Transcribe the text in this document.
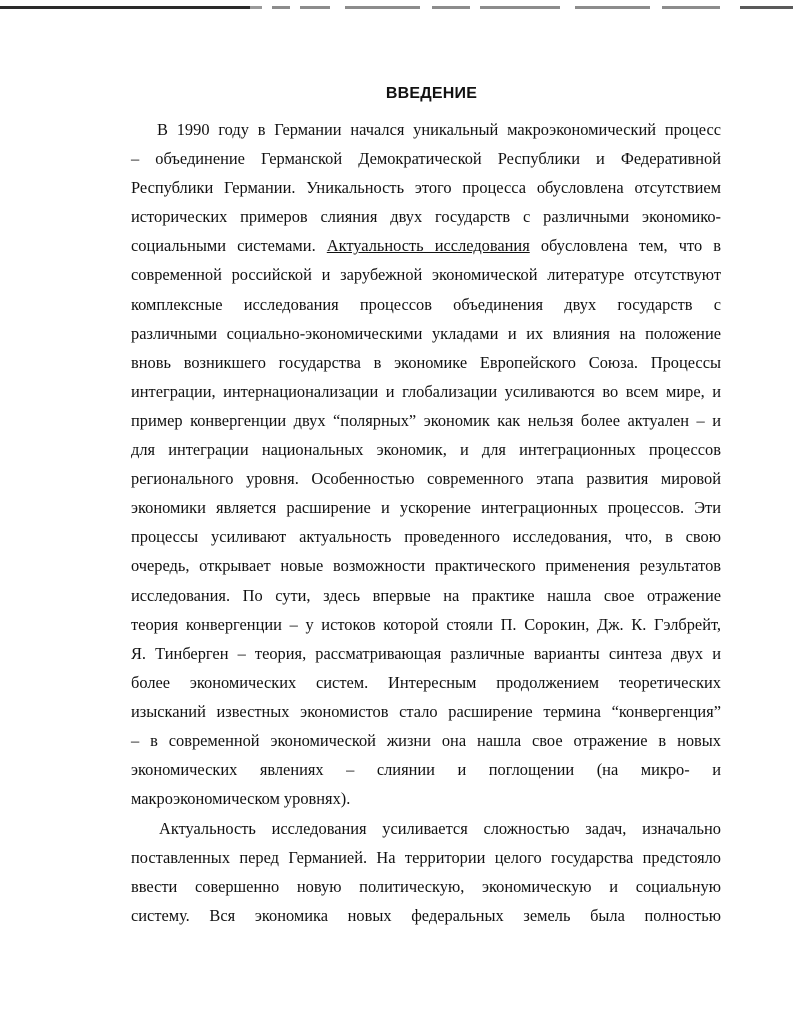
ВВЕДЕНИЕ
В 1990 году в Германии начался уникальный макроэкономический процесс
– объединение Германской Демократической Республики и Федеративной
Республики Германии. Уникальность этого процесса обусловлена отсутствием
исторических примеров слияния двух государств с различными экономико-
социальными системами. Актуальность исследования обусловлена тем, что в
современной российской и зарубежной экономической литературе отсутствуют
комплексные исследования процессов объединения двух государств с
различными социально-экономическими укладами и их влияния на положение
вновь возникшего государства в экономике Европейского Союза. Процессы
интеграции, интернационализации и глобализации усиливаются во всем мире, и
пример конвергенции двух “полярных” экономик как нельзя более актуален – и
для интеграции национальных экономик, и для интеграционных процессов
регионального уровня. Особенностью современного этапа развития мировой
экономики является расширение и ускорение интеграционных процессов. Эти
процессы усиливают актуальность проведенного исследования, что, в свою
очередь, открывает новые возможности практического применения результатов
исследования. По сути, здесь впервые на практике нашла свое отражение
теория конвергенции – у истоков которой стояли П. Сорокин, Дж. К. Гэлбрейт,
Я. Тинберген – теория, рассматривающая различные варианты синтеза двух и
более экономических систем. Интересным продолжением теоретических
изысканий известных экономистов стало расширение термина “конвергенция”
– в современной экономической жизни она нашла свое отражение в новых
экономических явлениях – слиянии и поглощении (на микро- и
макроэкономическом уровнях).
Актуальность исследования усиливается сложностью задач, изначально
поставленных перед Германией. На территории целого государства предстояло
ввести совершенно новую политическую, экономическую и социальную
систему. Вся экономика новых федеральных земель была полностью
